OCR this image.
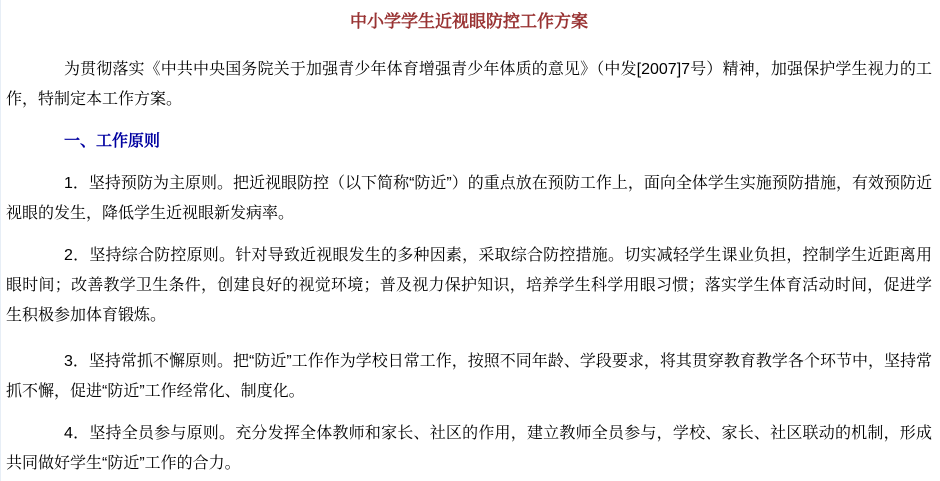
中小学学生近视眼防控工作方案

为贯彻落实《中共中央国务院关于加强青少年体育增强青少年体质的意见》（中发[2007]7号）精神，加强保护学生视力的工作，特制定本工作方案。

一、工作原则

1．坚持预防为主原则。把近视眼防控（以下简称“防近”）的重点放在预防工作上，面向全体学生实施预防措施，有效预防近视眼的发生，降低学生近视眼新发病率。

2．坚持综合防控原则。针对导致近视眼发生的多种因素，采取综合防控措施。切实减轻学生课业负担，控制学生近距离用眼时间；改善教学卫生条件，创建良好的视觉环境；普及视力保护知识，培养学生科学用眼习惯；落实学生体育活动时间，促进学生积极参加体育锻炼。

3．坚持常抓不懈原则。把“防近”工作作为学校日常工作，按照不同年龄、学段要求，将其贯穿教育教学各个环节中，坚持常抓不懈，促进“防近”工作经常化、制度化。

4．坚持全员参与原则。充分发挥全体教师和家长、社区的作用，建立教师全员参与，学校、家长、社区联动的机制，形成共同做好学生“防近”工作的合力。
